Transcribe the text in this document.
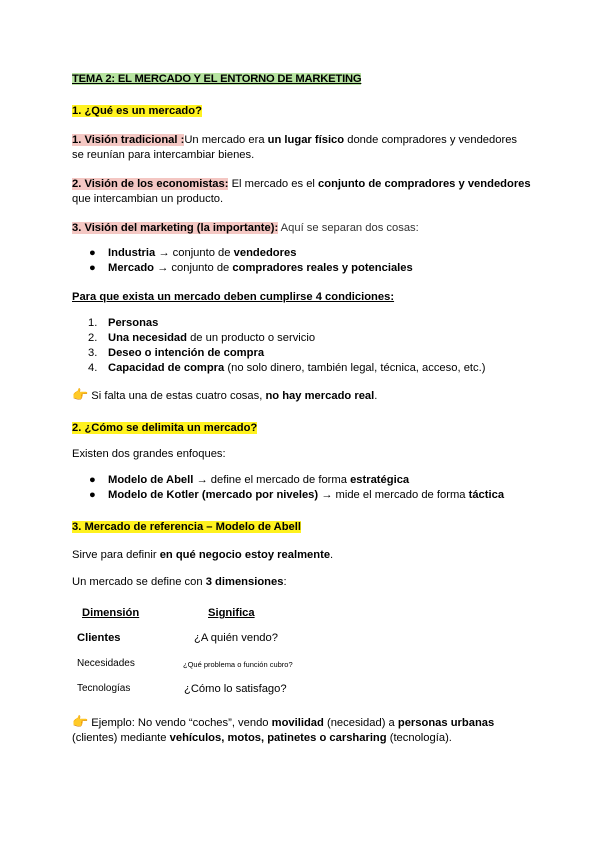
TEMA 2: EL MERCADO Y EL ENTORNO DE MARKETING
1. ¿Qué es un mercado?
1. Visión tradicional :Un mercado era un lugar físico donde compradores y vendedores
se reunían para intercambiar bienes.
2. Visión de los economistas: El mercado es el conjunto de compradores y vendedores
que intercambian un producto.
3. Visión del marketing (la importante): Aquí se separan dos cosas:
● Industria → conjunto de vendedores
● Mercado → conjunto de compradores reales y potenciales
Para que exista un mercado deben cumplirse 4 condiciones:
1. Personas
2. Una necesidad de un producto o servicio
3. Deseo o intención de compra
4. Capacidad de compra (no solo dinero, también legal, técnica, acceso, etc.)
👉 Si falta una de estas cuatro cosas, no hay mercado real.
2. ¿Cómo se delimita un mercado?
Existen dos grandes enfoques:
● Modelo de Abell → define el mercado de forma estratégica
● Modelo de Kotler (mercado por niveles) → mide el mercado de forma táctica
3. Mercado de referencia – Modelo de Abell
Sirve para definir en qué negocio estoy realmente.
Un mercado se define con 3 dimensiones:
Dimensión	Significa
Clientes	¿A quién vendo?
Necesidades	¿Qué problema o función cubro?
Tecnologías	¿Cómo lo satisfago?
👉 Ejemplo: No vendo “coches”, vendo movilidad (necesidad) a personas urbanas
(clientes) mediante vehículos, motos, patinetes o carsharing (tecnología).
